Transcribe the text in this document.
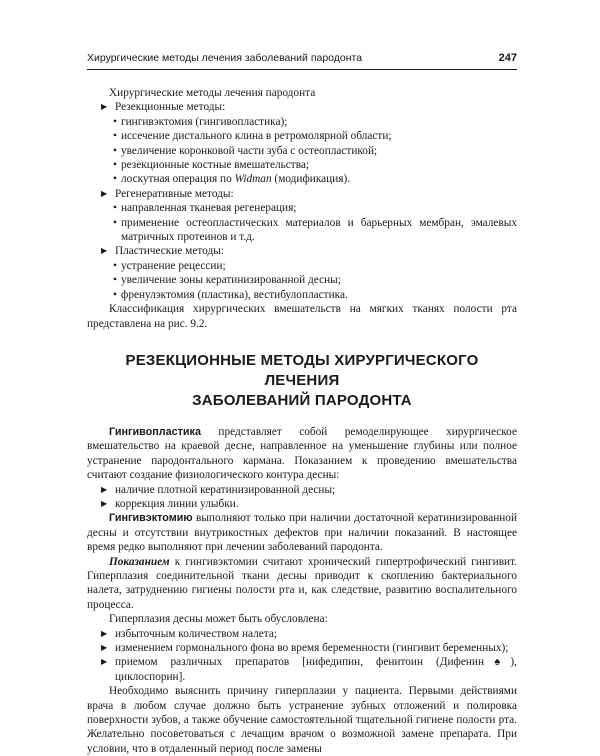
Хирургические методы лечения заболеваний пародонта	247

Хирургические методы лечения пародонта

▶ Резекционные методы:

• гингивэктомия (гингивопластика);

• иссечение дистального клина в ретромолярной области;

• увеличение коронковой части зуба с остеопластикой;

• резекционные костные вмешательства;

• лоскутная операция по Widman (модификация).

▶ Регенеративные методы:

• направленная тканевая регенерация;

• применение остеопластических материалов и барьерных мембран, эмалевых матричных протеинов и т.д.

▶ Пластические методы:

• устранение рецессии;

• увеличение зоны кератинизированной десны;

• френулэктомия (пластика), вестибулопластика.

Классификация хирургических вмешательств на мягких тканях полости рта представлена на рис. 9.2.

РЕЗЕКЦИОННЫЕ МЕТОДЫ ХИРУРГИЧЕСКОГО ЛЕЧЕНИЯ
ЗАБОЛЕВАНИЙ ПАРОДОНТА

Гингивопластика представляет собой ремоделирующее хирургическое вмешательство на краевой десне, направленное на уменьшение глубины или полное устранение пародонтального кармана. Показанием к проведению вмешательства считают создание физиологического контура десны:

▶ наличие плотной кератинизированной десны;

▶ коррекция линии улыбки.

Гингивэктомию выполняют только при наличии достаточной кератинизированной десны и отсутствии внутрикостных дефектов при наличии показаний. В настоящее время редко выполняют при лечении заболеваний пародонта.

Показанием к гингивэктомии считают хронический гипертрофический гингивит. Гиперплазия соединительной ткани десны приводит к скоплению бактериального налета, затруднению гигиены полости рта и, как следствие, развитию воспалительного процесса.

Гиперплазия десны может быть обусловлена:

▶ избыточным количеством налета;

▶ изменением гормонального фона во время беременности (гингивит беременных);

▶ приемом различных препаратов [нифедипин, фенитоин (Дифенин♠), циклоспорин].

Необходимо выяснить причину гиперплазии у пациента. Первыми действиями врача в любом случае должно быть устранение зубных отложений и полировка поверхности зубов, а также обучение самостоятельной тщательной гигиене полости рта. Желательно посоветоваться с лечащим врачом о возможной замене препарата. При условии, что в отдаленный период после замены
